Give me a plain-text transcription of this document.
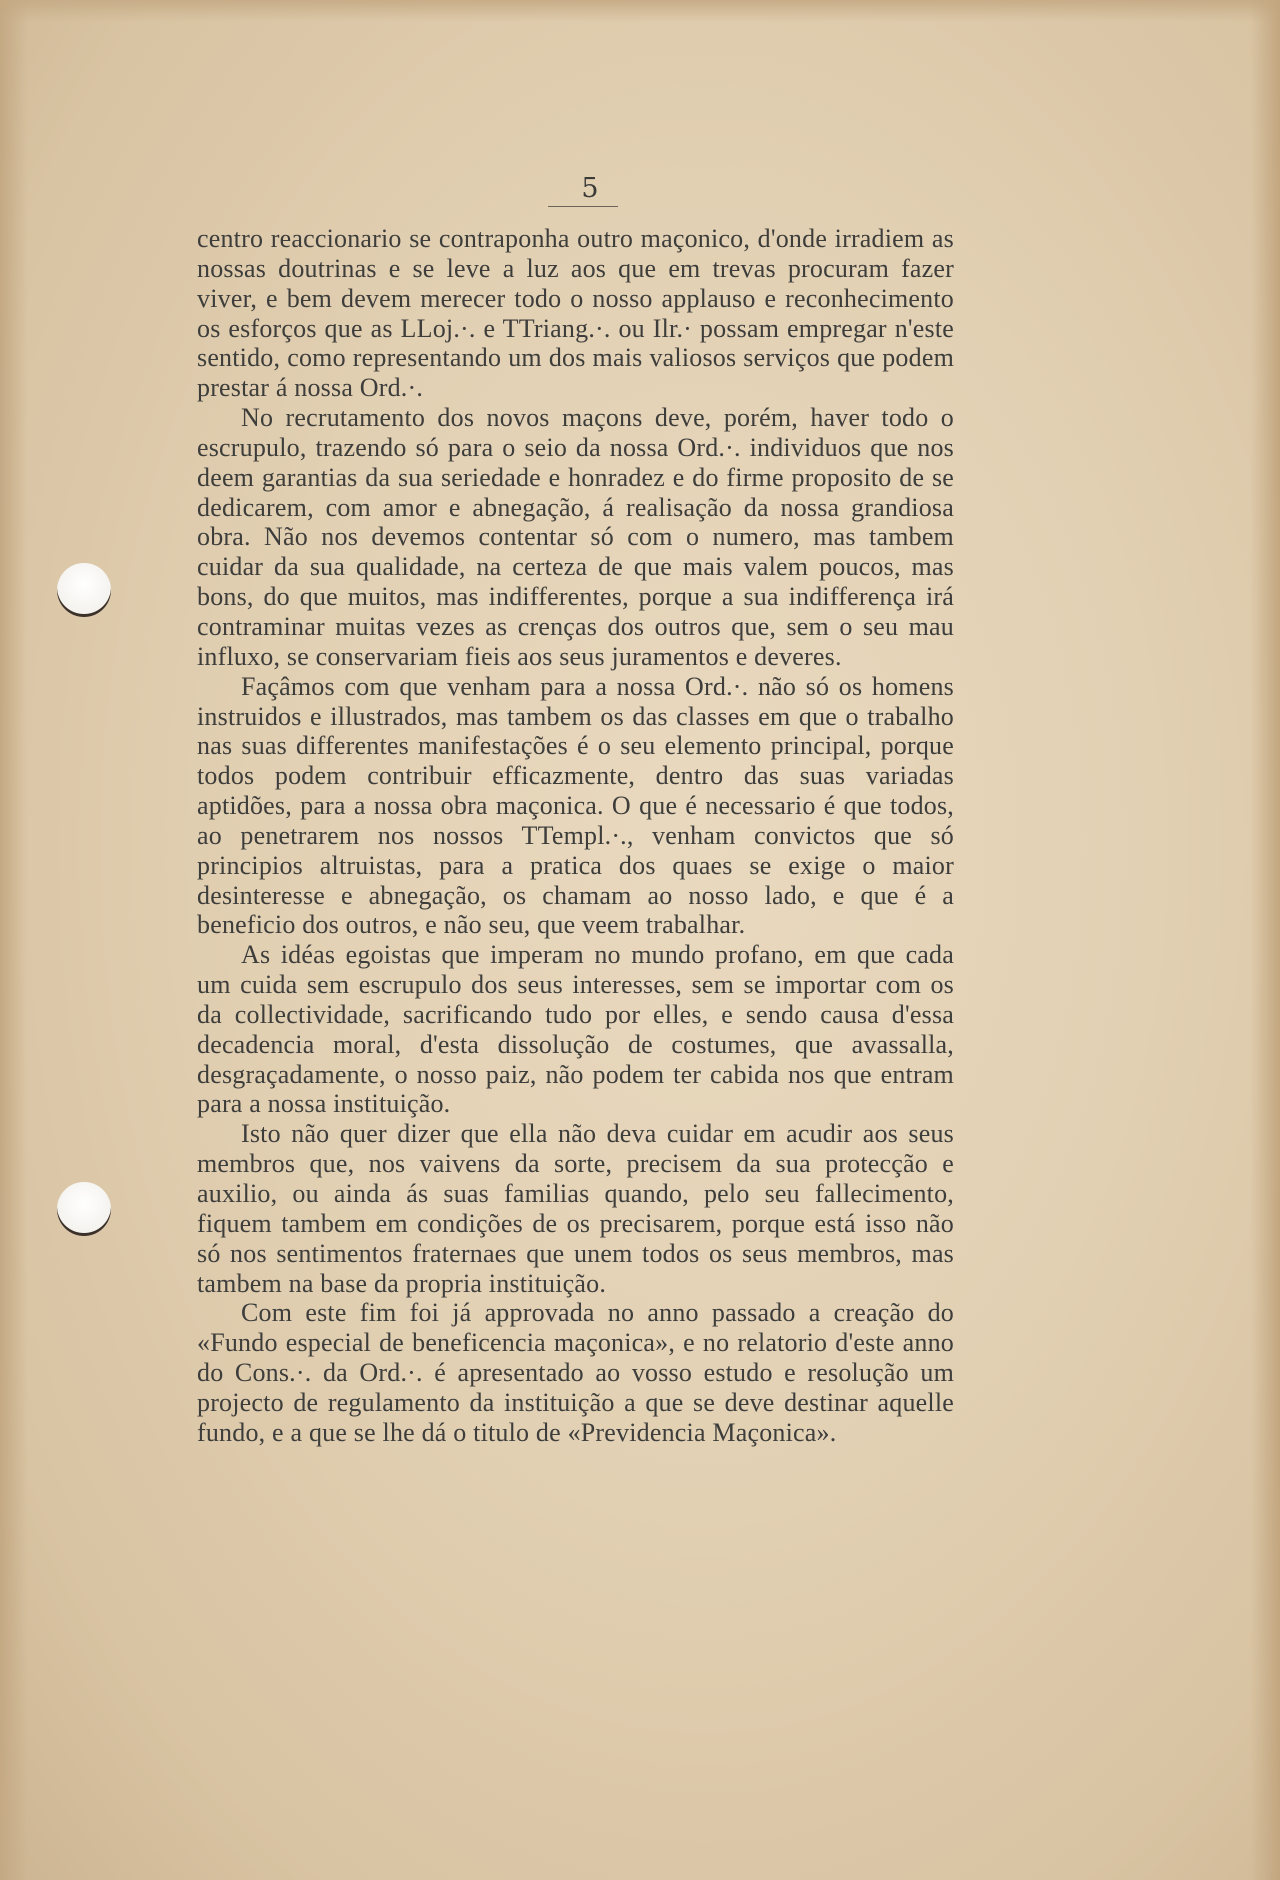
5

centro reaccionario se contraponha outro maçonico, d'onde irradiem as nossas doutrinas e se leve a luz aos que em trevas procuram fazer viver, e bem devem merecer todo o nosso applauso e reconhecimento os esforços que as LLoj.·. e TTriang.·. ou Ilr.· possam empregar n'este sentido, como representando um dos mais valiosos serviços que podem prestar á nossa Ord.·.

No recrutamento dos novos maçons deve, porém, haver todo o escrupulo, trazendo só para o seio da nossa Ord.·. individuos que nos deem garantias da sua seriedade e honradez e do firme proposito de se dedicarem, com amor e abnegação, á realisação da nossa grandiosa obra. Não nos devemos contentar só com o numero, mas tambem cuidar da sua qualidade, na certeza de que mais valem poucos, mas bons, do que muitos, mas indifferentes, porque a sua indifferença irá contraminar muitas vezes as crenças dos outros que, sem o seu mau influxo, se conservariam fieis aos seus juramentos e deveres.

Façâmos com que venham para a nossa Ord.·. não só os homens instruidos e illustrados, mas tambem os das classes em que o trabalho nas suas differentes manifestações é o seu elemento principal, porque todos podem contribuir efficazmente, dentro das suas variadas aptidões, para a nossa obra maçonica. O que é necessario é que todos, ao penetrarem nos nossos TTempl.·., venham convictos que só principios altruistas, para a pratica dos quaes se exige o maior desinteresse e abnegação, os chamam ao nosso lado, e que é a beneficio dos outros, e não seu, que veem trabalhar.

As idéas egoistas que imperam no mundo profano, em que cada um cuida sem escrupulo dos seus interesses, sem se importar com os da collectividade, sacrificando tudo por elles, e sendo causa d'essa decadencia moral, d'esta dissolução de costumes, que avassalla, desgraçadamente, o nosso paiz, não podem ter cabida nos que entram para a nossa instituição.

Isto não quer dizer que ella não deva cuidar em acudir aos seus membros que, nos vaivens da sorte, precisem da sua protecção e auxilio, ou ainda ás suas familias quando, pelo seu fallecimento, fiquem tambem em condições de os precisarem, porque está isso não só nos sentimentos fraternaes que unem todos os seus membros, mas tambem na base da propria instituição.

Com este fim foi já approvada no anno passado a creação do «Fundo especial de beneficencia maçonica», e no relatorio d'este anno do Cons.·. da Ord.·. é apresentado ao vosso estudo e resolução um projecto de regulamento da instituição a que se deve destinar aquelle fundo, e a que se lhe dá o titulo de «Previdencia Maçonica».
